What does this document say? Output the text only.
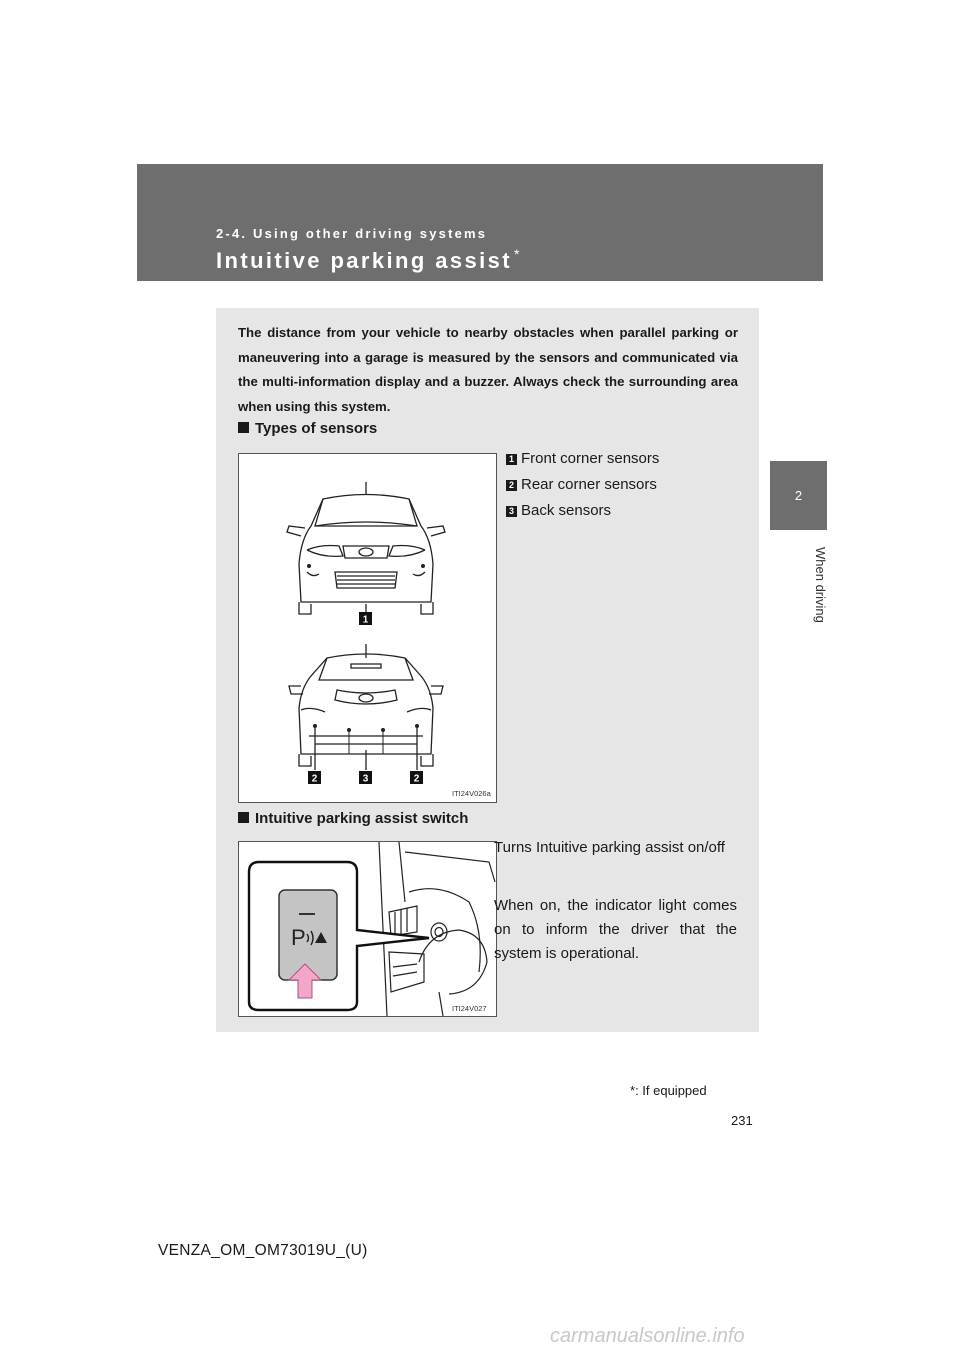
2-4. Using other driving systems
Intuitive parking assist *
2
When driving
The distance from your vehicle to nearby obstacles when parallel parking or maneuvering into a garage is measured by the sensors and communicated via the multi-information display and a buzzer. Always check the surrounding area when using this system.
Types of sensors
1
2	3	2
ITI24V026a
1 Front corner sensors
2 Rear corner sensors
3 Back sensors
Intuitive parking assist switch
P
ITI24V027
Turns Intuitive parking assist on/off
When on, the indicator light comes on to inform the driver that the system is operational.
*: If equipped
231
VENZA_OM_OM73019U_(U)
carmanualsonline.info
